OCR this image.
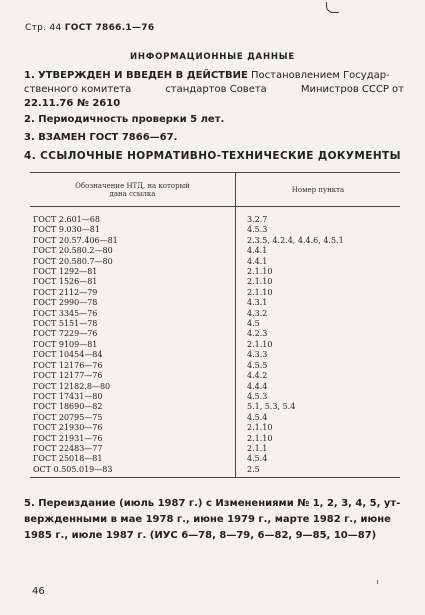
Стр. 44 ГОСТ 7866.1—76
ИНФОРМАЦИОННЫЕ ДАННЫЕ
1. УТВЕРЖДЕН И ВВЕДЕН В ДЕЙСТВИЕ Постановлением Государ-
ственного комитета	стандартов Совета	Министров СССР от
22.11.76 № 2610
2. Периодичность проверки 5 лет.
3. ВЗАМЕН ГОСТ 7866—67.
4. ССЫЛОЧНЫЕ НОРМАТИВНО-ТЕХНИЧЕСКИЕ ДОКУМЕНТЫ
Обозначение НТД, на который
дана ссылка	Номер пункта

ГОСТ 2.601—68	3.2.7
ГОСТ 9.030—81	4.5.3
ГОСТ 20.57.406—81	2.3.5, 4.2.4, 4.4.6, 4.5.1
ГОСТ 20.580.2—80	4.4.1
ГОСТ 20.580.7—80	4.4.1
ГОСТ 1292—81	2.1.10
ГОСТ 1526—81	2.1.10
ГОСТ 2112—79	2.1.10
ГОСТ 2990—78	4.3.1
ГОСТ 3345—76	4.3.2
ГОСТ 5151—78	4.5
ГОСТ 7229—76	4.2.3
ГОСТ 9109—81	2.1.10
ГОСТ 10454—84	4.3.3
ГОСТ 12176—76	4.5.5
ГОСТ 12177—76	4.4.2
ГОСТ 12182.8—80	4.4.4
ГОСТ 17431—80	4.5.3
ГОСТ 18690—82	5.1, 5.3, 5.4
ГОСТ 20795—75	4.5.4
ГОСТ 21930—76	2.1.10
ГОСТ 21931—76	2.1.10
ГОСТ 22483—77	2.1.1
ГОСТ 25018—81	4.5.4
ОСТ 0.505.019—83	2.5
5. Переиздание (июль 1987 г.) с Изменениями № 1, 2, 3, 4, 5, ут-
вержденными в мае 1978 г., июне 1979 г., марте 1982 г., июне
1985 г., июле 1987 г. (ИУС 6—78, 8—79, 6—82, 9—85, 10—87)
46
